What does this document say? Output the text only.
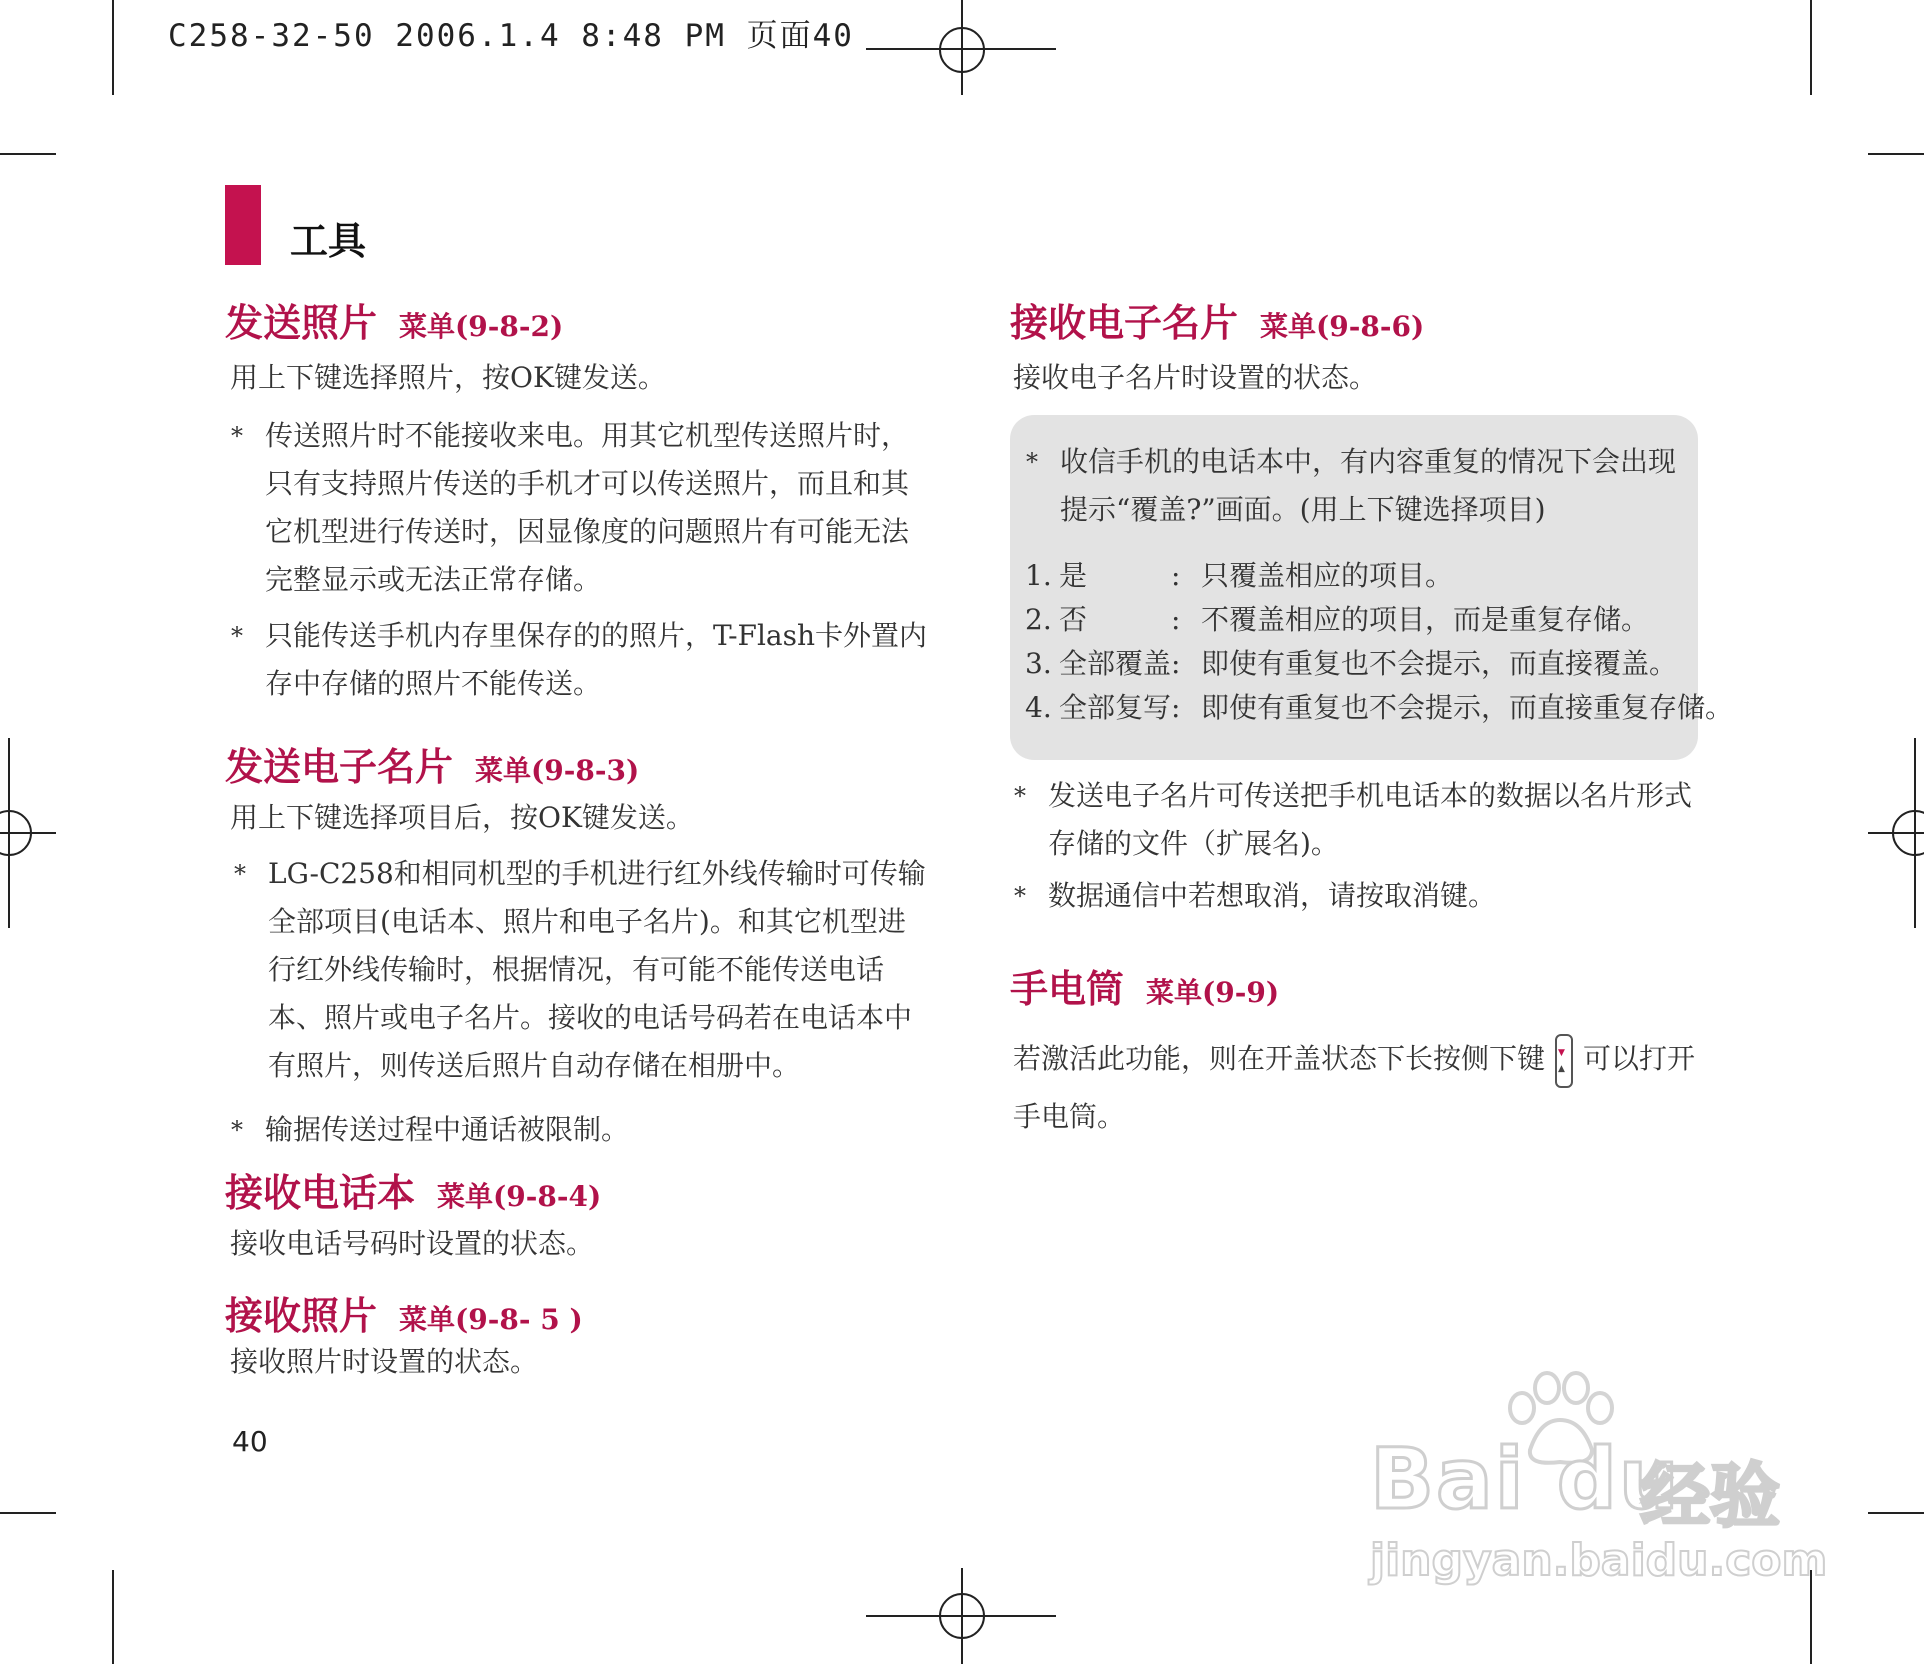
C258-32-50 2006.1.4 8:48 PM 页面40
工具
发送照片 菜单(9-8-2)
用上下键选择照片，按OK键发送。
* 传送照片时不能接收来电。用其它机型传送照片时，只有支持照片传送的手机才可以传送照片，而且和其它机型进行传送时，因显像度的问题照片有可能无法完整显示或无法正常存储。
* 只能传送手机内存里保存的的照片，T-Flash卡外置内存中存储的照片不能传送。
发送电子名片 菜单(9-8-3)
用上下键选择项目后，按OK键发送。
* LG-C258和相同机型的手机进行红外线传输时可传输全部项目(电话本、照片和电子名片)。和其它机型进行红外线传输时，根据情况，有可能不能传送电话本、照片或电子名片。接收的电话号码若在电话本中有照片，则传送后照片自动存储在相册中。
* 输据传送过程中通话被限制。
接收电话本 菜单(9-8-4)
接收电话号码时设置的状态。
接收照片 菜单(9-8- 5 )
接收照片时设置的状态。
接收电子名片 菜单(9-8-6)
接收电子名片时设置的状态。
* 收信手机的电话本中，有内容重复的情况下会出现提示“覆盖?”画面。(用上下键选择项目)
1. 是	: 只覆盖相应的项目。
2. 否	: 不覆盖相应的项目，而是重复存储。
3. 全部覆盖: 即使有重复也不会提示，而直接覆盖。
4. 全部复写: 即使有重复也不会提示，而直接重复存储。
* 发送电子名片可传送把手机电话本的数据以名片形式存储的文件（扩展名)。
* 数据通信中若想取消，请按取消键。
手电筒 菜单(9-9)
若激活此功能，则在开盖状态下长按侧下键▲ ▼ 可以打开手电筒。
40	Bai du
经验
jingyan.baidu.com
